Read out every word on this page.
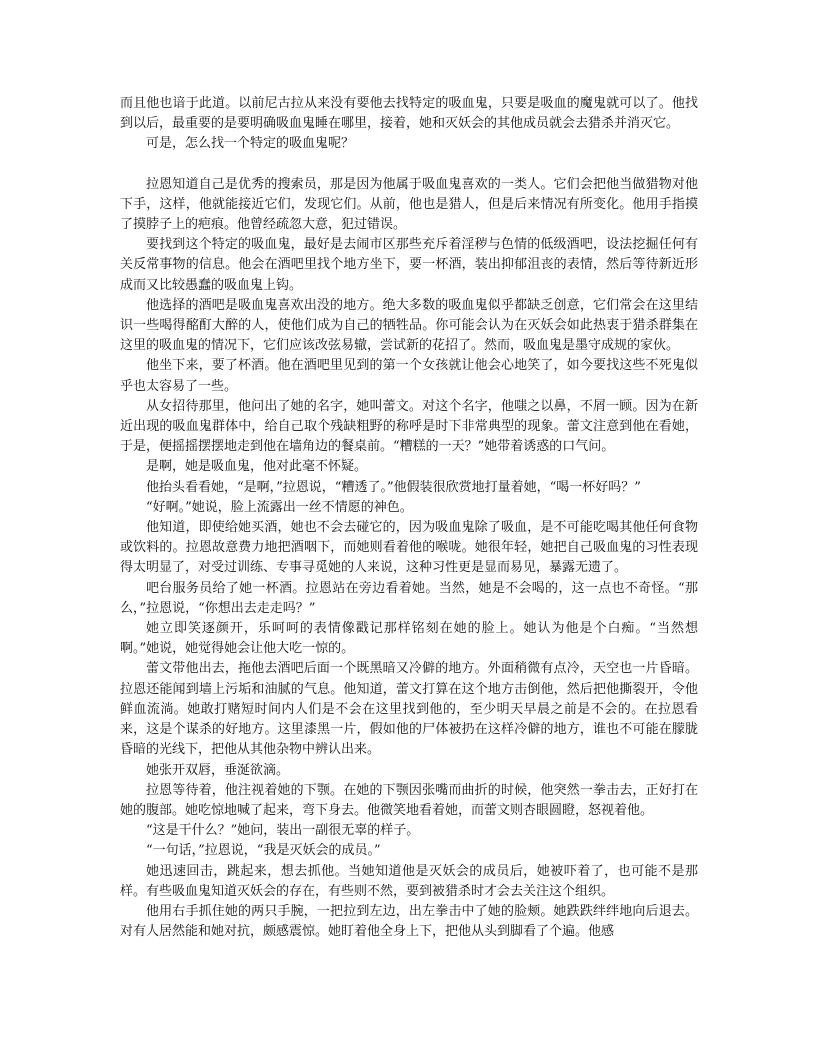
而且他也谙于此道。以前尼古拉从来没有要他去找特定的吸血鬼，只要是吸血的魔鬼就可以了。他找到以后，最重要的是要明确吸血鬼睡在哪里，接着，她和灭妖会的其他成员就会去猎杀并消灭它。

可是，怎么找一个特定的吸血鬼呢？

拉恩知道自己是优秀的搜索员，那是因为他属于吸血鬼喜欢的一类人。它们会把他当做猎物对他下手，这样，他就能接近它们，发现它们。从前，他也是猎人，但是后来情况有所变化。他用手指摸了摸脖子上的疤痕。他曾经疏忽大意，犯过错误。

要找到这个特定的吸血鬼，最好是去闹市区那些充斥着淫秽与色情的低级酒吧，设法挖掘任何有关反常事物的信息。他会在酒吧里找个地方坐下，要一杯酒，装出抑郁沮丧的表情，然后等待新近形成而又比较愚蠢的吸血鬼上钩。

他选择的酒吧是吸血鬼喜欢出没的地方。绝大多数的吸血鬼似乎都缺乏创意，它们常会在这里结识一些喝得酩酊大醉的人，使他们成为自己的牺牲品。你可能会认为在灭妖会如此热衷于猎杀群集在这里的吸血鬼的情况下，它们应该改弦易辙，尝试新的花招了。然而，吸血鬼是墨守成规的家伙。

他坐下来，要了杯酒。他在酒吧里见到的第一个女孩就让他会心地笑了，如今要找这些不死鬼似乎也太容易了一些。

从女招待那里，他问出了她的名字，她叫蕾文。对这个名字，他嗤之以鼻，不屑一顾。因为在新近出现的吸血鬼群体中，给自己取个残缺粗野的称呼是时下非常典型的现象。蕾文注意到他在看她，于是，便摇摇摆摆地走到他在墙角边的餐桌前。“糟糕的一天？”她带着诱惑的口气问。

是啊，她是吸血鬼，他对此毫不怀疑。

他抬头看看她，“是啊，”拉恩说，“糟透了。”他假装很欣赏地打量着她，“喝一杯好吗？”

“好啊。”她说，脸上流露出一丝不情愿的神色。

他知道，即使给她买酒，她也不会去碰它的，因为吸血鬼除了吸血，是不可能吃喝其他任何食物或饮料的。拉恩故意费力地把酒咽下，而她则看着他的喉咙。她很年轻，她把自己吸血鬼的习性表现得太明显了，对受过训练、专事寻觅她的人来说，这种习性更是显而易见，暴露无遗了。

吧台服务员给了她一杯酒。拉恩站在旁边看着她。当然，她是不会喝的，这一点也不奇怪。“那么，”拉恩说，“你想出去走走吗？”

她立即笑逐颜开，乐呵呵的表情像戳记那样铭刻在她的脸上。她认为他是个白痴。“当然想啊。”她说，她觉得她会让他大吃一惊的。

蕾文带他出去，拖他去酒吧后面一个既黑暗又冷僻的地方。外面稍微有点冷，天空也一片昏暗。拉恩还能闻到墙上污垢和油腻的气息。他知道，蕾文打算在这个地方击倒他，然后把他撕裂开，令他鲜血流淌。她敢打赌短时间内人们是不会在这里找到他的，至少明天早晨之前是不会的。在拉恩看来，这是个谋杀的好地方。这里漆黑一片，假如他的尸体被扔在这样冷僻的地方，谁也不可能在朦胧昏暗的光线下，把他从其他杂物中辨认出来。

她张开双唇，垂涎欲滴。

拉恩等待着，他注视着她的下颚。在她的下颚因张嘴而曲折的时候，他突然一拳击去，正好打在她的腹部。她吃惊地喊了起来，弯下身去。他微笑地看着她，而蕾文则杏眼圆瞪，怒视着他。

“这是干什么？”她问，装出一副很无辜的样子。

“一句话，”拉恩说，“我是灭妖会的成员。”

她迅速回击，跳起来，想去抓他。当她知道他是灭妖会的成员后，她被吓着了，也可能不是那样。有些吸血鬼知道灭妖会的存在，有些则不然，要到被猎杀时才会去关注这个组织。

他用右手抓住她的两只手腕，一把拉到左边，出左拳击中了她的脸颊。她跌跌绊绊地向后退去。对有人居然能和她对抗，颇感震惊。她盯着他全身上下，把他从头到脚看了个遍。他感
